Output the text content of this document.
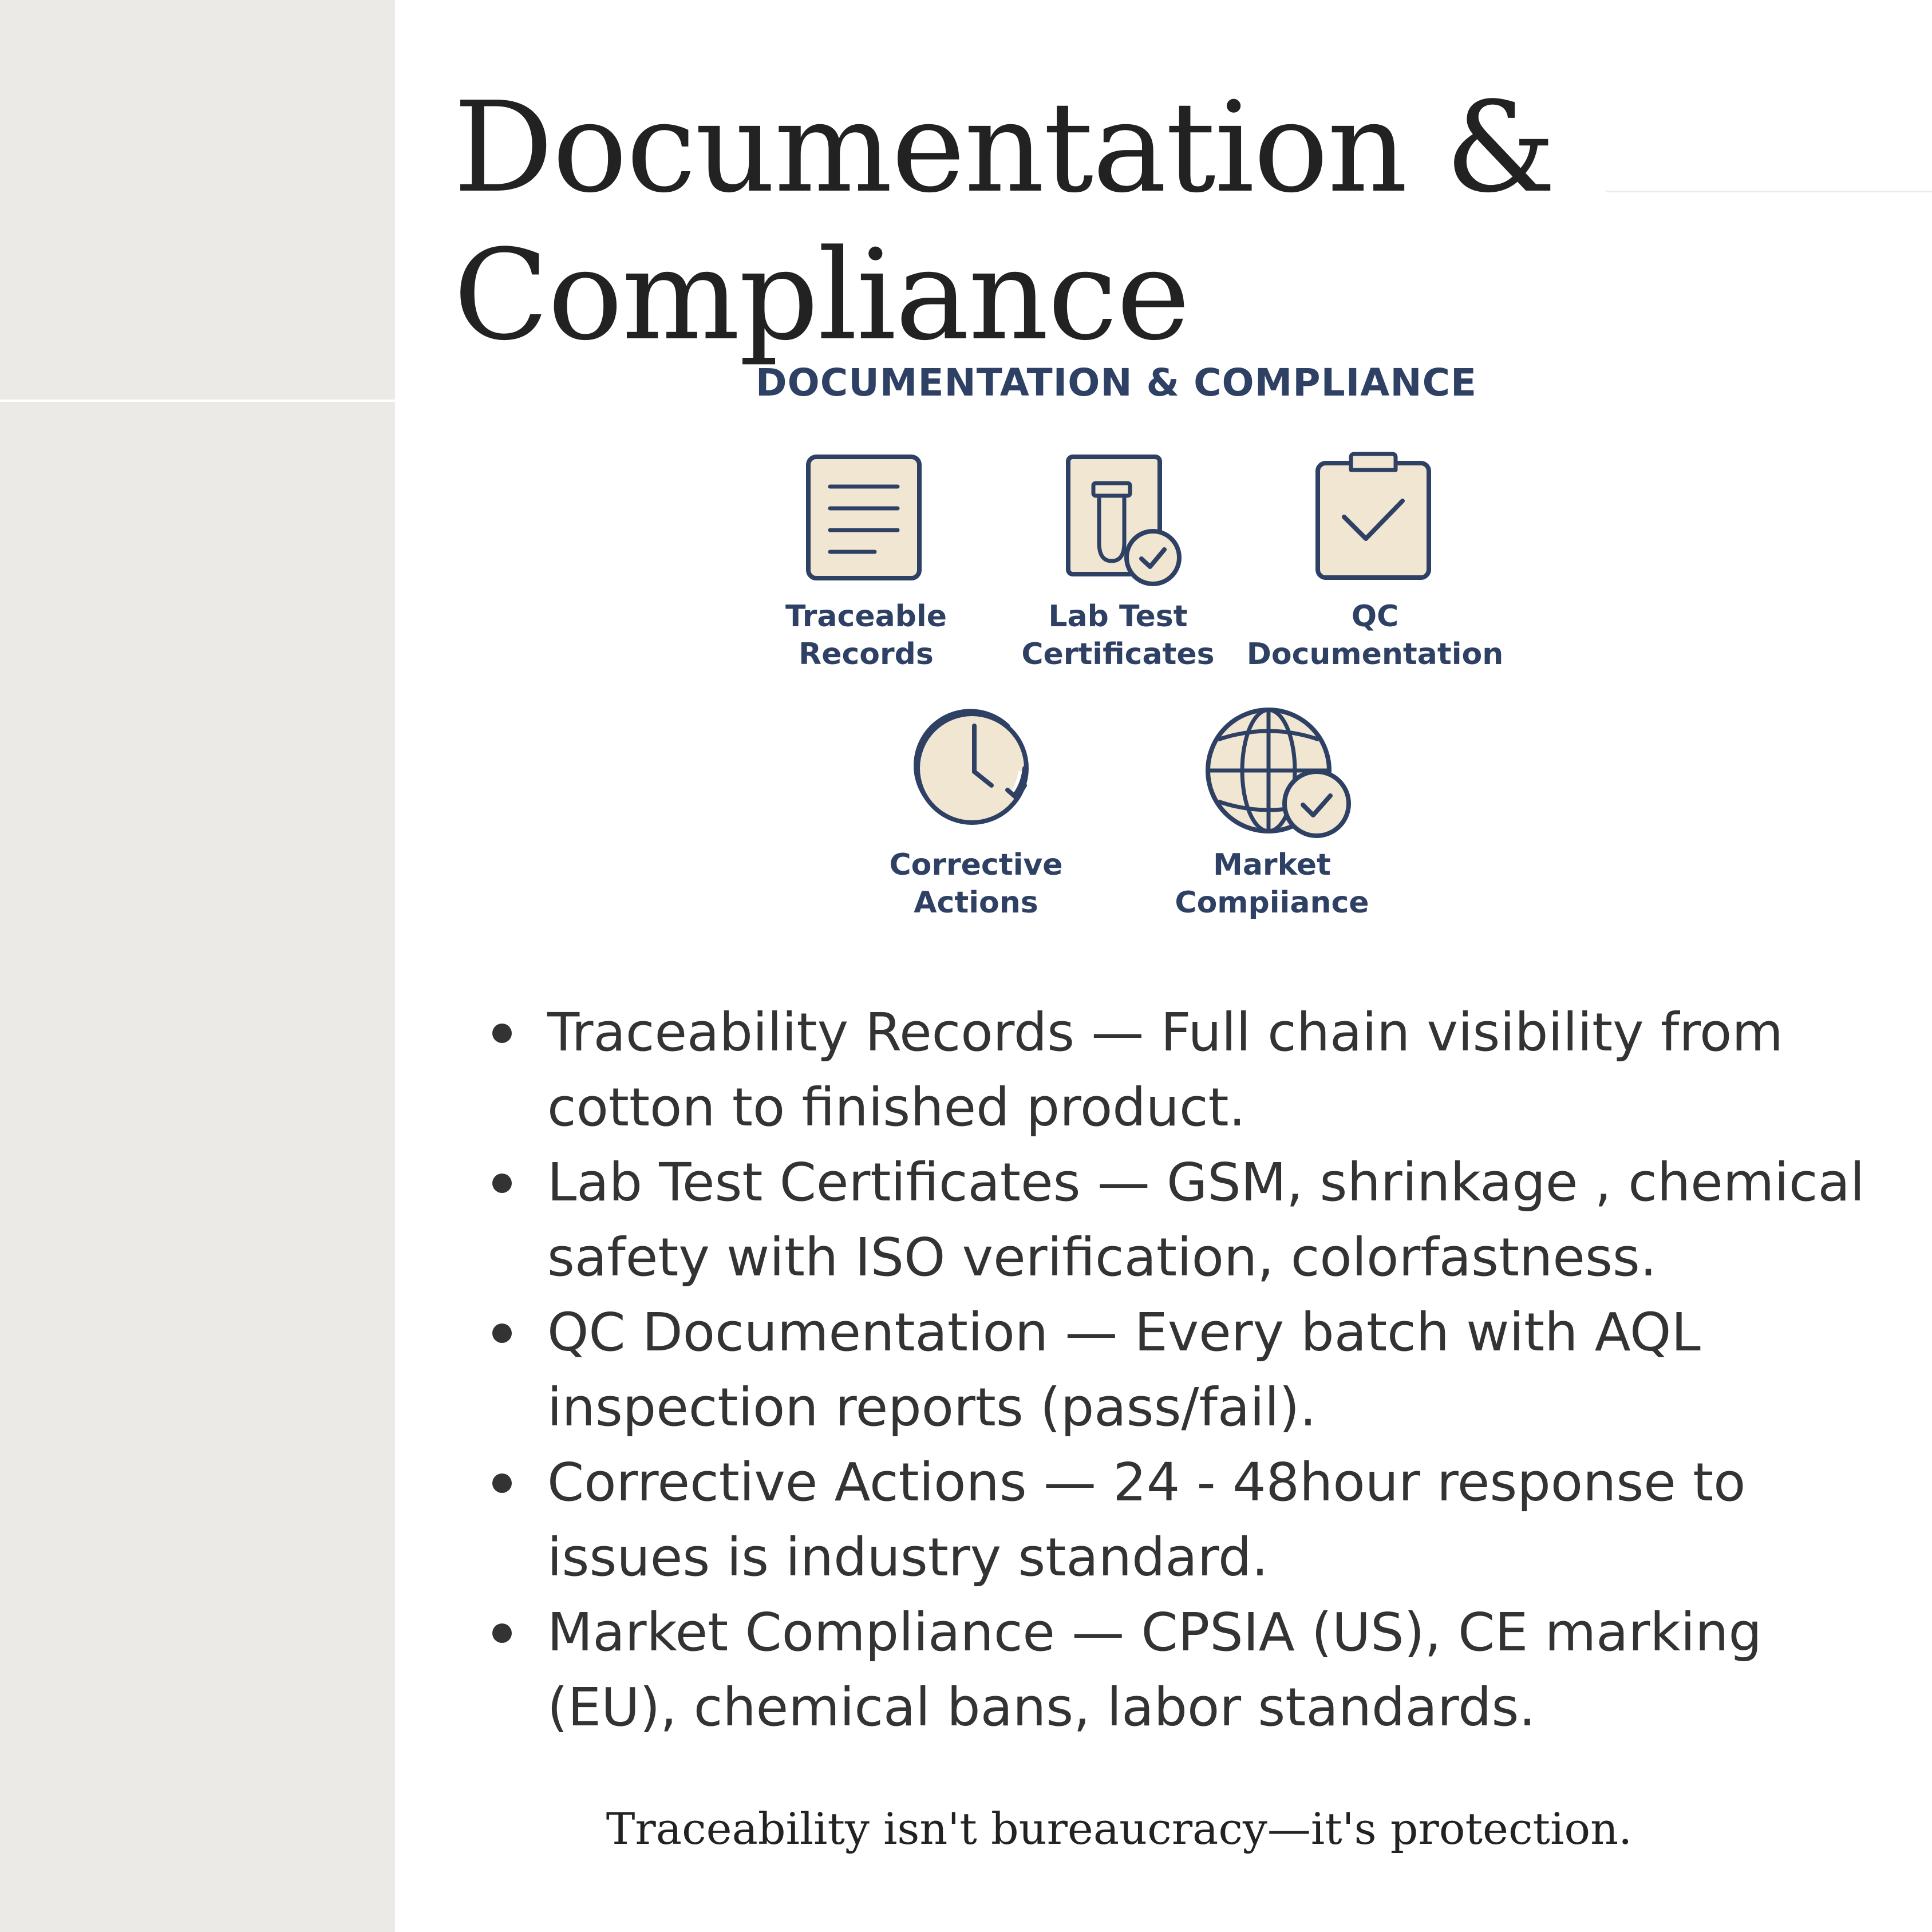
Documentation &
Compliance
DOCUMENTATION & COMPLIANCE
Traceable
Records
Lab Test
Certificates
QC
Documentation
Corrective
Actions
Market
Compiiance
Traceability Records — Full chain visibility from cotton to finished product.
Lab Test Certificates — GSM, shrinkage , chemical safety with ISO verification, colorfastness.
QC Documentation — Every batch with AQL inspection reports (pass/fail).
Corrective Actions — 24 - 48hour response to issues is industry standard.
Market Compliance — CPSIA (US), CE marking (EU), chemical bans, labor standards.
Traceability isn't bureaucracy—it's protection.
